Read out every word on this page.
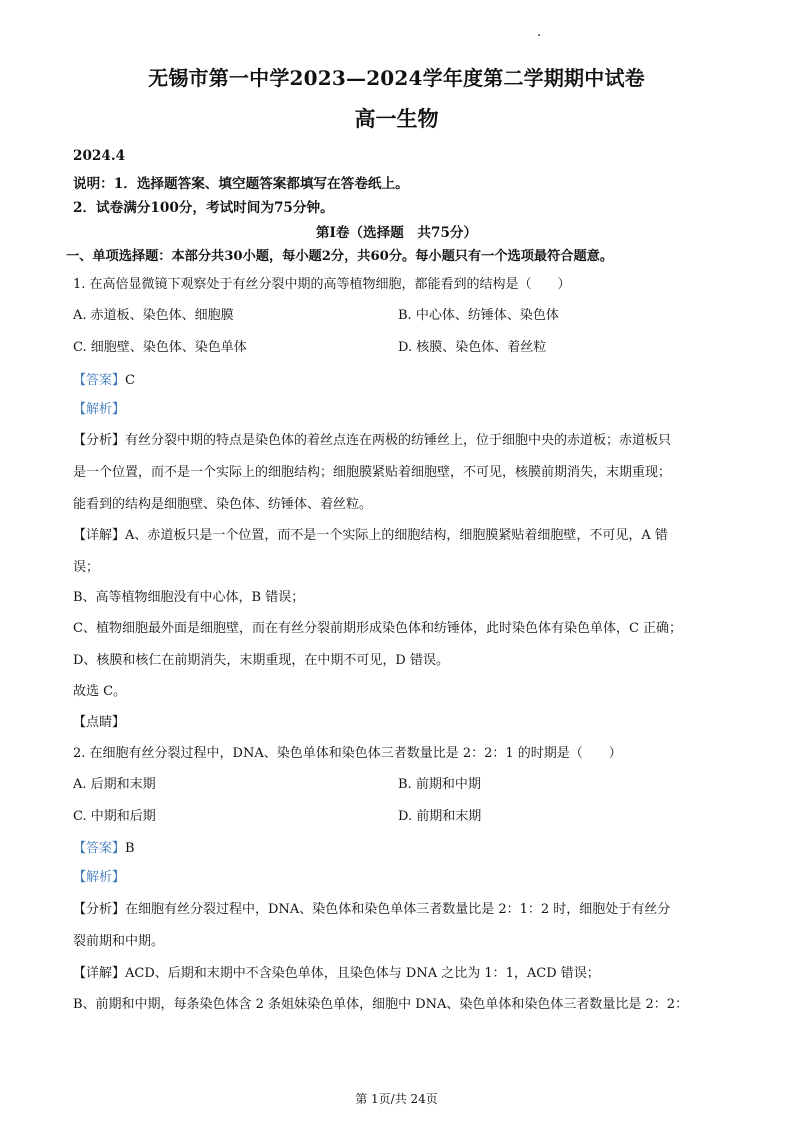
无锡市第一中学2023—2024学年度第二学期期中试卷
高一生物
2024.4
说明：1．选择题答案、填空题答案都填写在答卷纸上。
2．试卷满分100分，考试时间为75分钟。
第Ⅰ卷（选择题　共75分）
一、单项选择题：本部分共30小题，每小题2分，共60分。每小题只有一个选项最符合题意。
1. 在高倍显微镜下观察处于有丝分裂中期的高等植物细胞，都能看到的结构是（　　）
A. 赤道板、染色体、细胞膜	B. 中心体、纺锤体、染色体
C. 细胞壁、染色体、染色单体	D. 核膜、染色体、着丝粒
【答案】C
【解析】
【分析】有丝分裂中期的特点是染色体的着丝点连在两极的纺锤丝上，位于细胞中央的赤道板；赤道板只
是一个位置，而不是一个实际上的细胞结构；细胞膜紧贴着细胞壁，不可见，核膜前期消失，末期重现；
能看到的结构是细胞壁、染色体、纺锤体、着丝粒。
【详解】A、赤道板只是一个位置，而不是一个实际上的细胞结构，细胞膜紧贴着细胞壁，不可见，A 错
误；
B、高等植物细胞没有中心体，B 错误；
C、植物细胞最外面是细胞壁，而在有丝分裂前期形成染色体和纺锤体，此时染色体有染色单体，C 正确；
D、核膜和核仁在前期消失，末期重现，在中期不可见，D 错误。
故选 C。
【点睛】
2. 在细胞有丝分裂过程中，DNA、染色单体和染色体三者数量比是 2：2：1 的时期是（　　）
A. 后期和末期	B. 前期和中期
C. 中期和后期	D. 前期和末期
【答案】B
【解析】
【分析】在细胞有丝分裂过程中，DNA、染色体和染色单体三者数量比是 2：1：2 时，细胞处于有丝分
裂前期和中期。
【详解】ACD、后期和末期中不含染色单体，且染色体与 DNA 之比为 1：1，ACD 错误；
B、前期和中期，每条染色体含 2 条姐妹染色单体，细胞中 DNA、染色单体和染色体三者数量比是 2：2：
第 1页/共 24页
